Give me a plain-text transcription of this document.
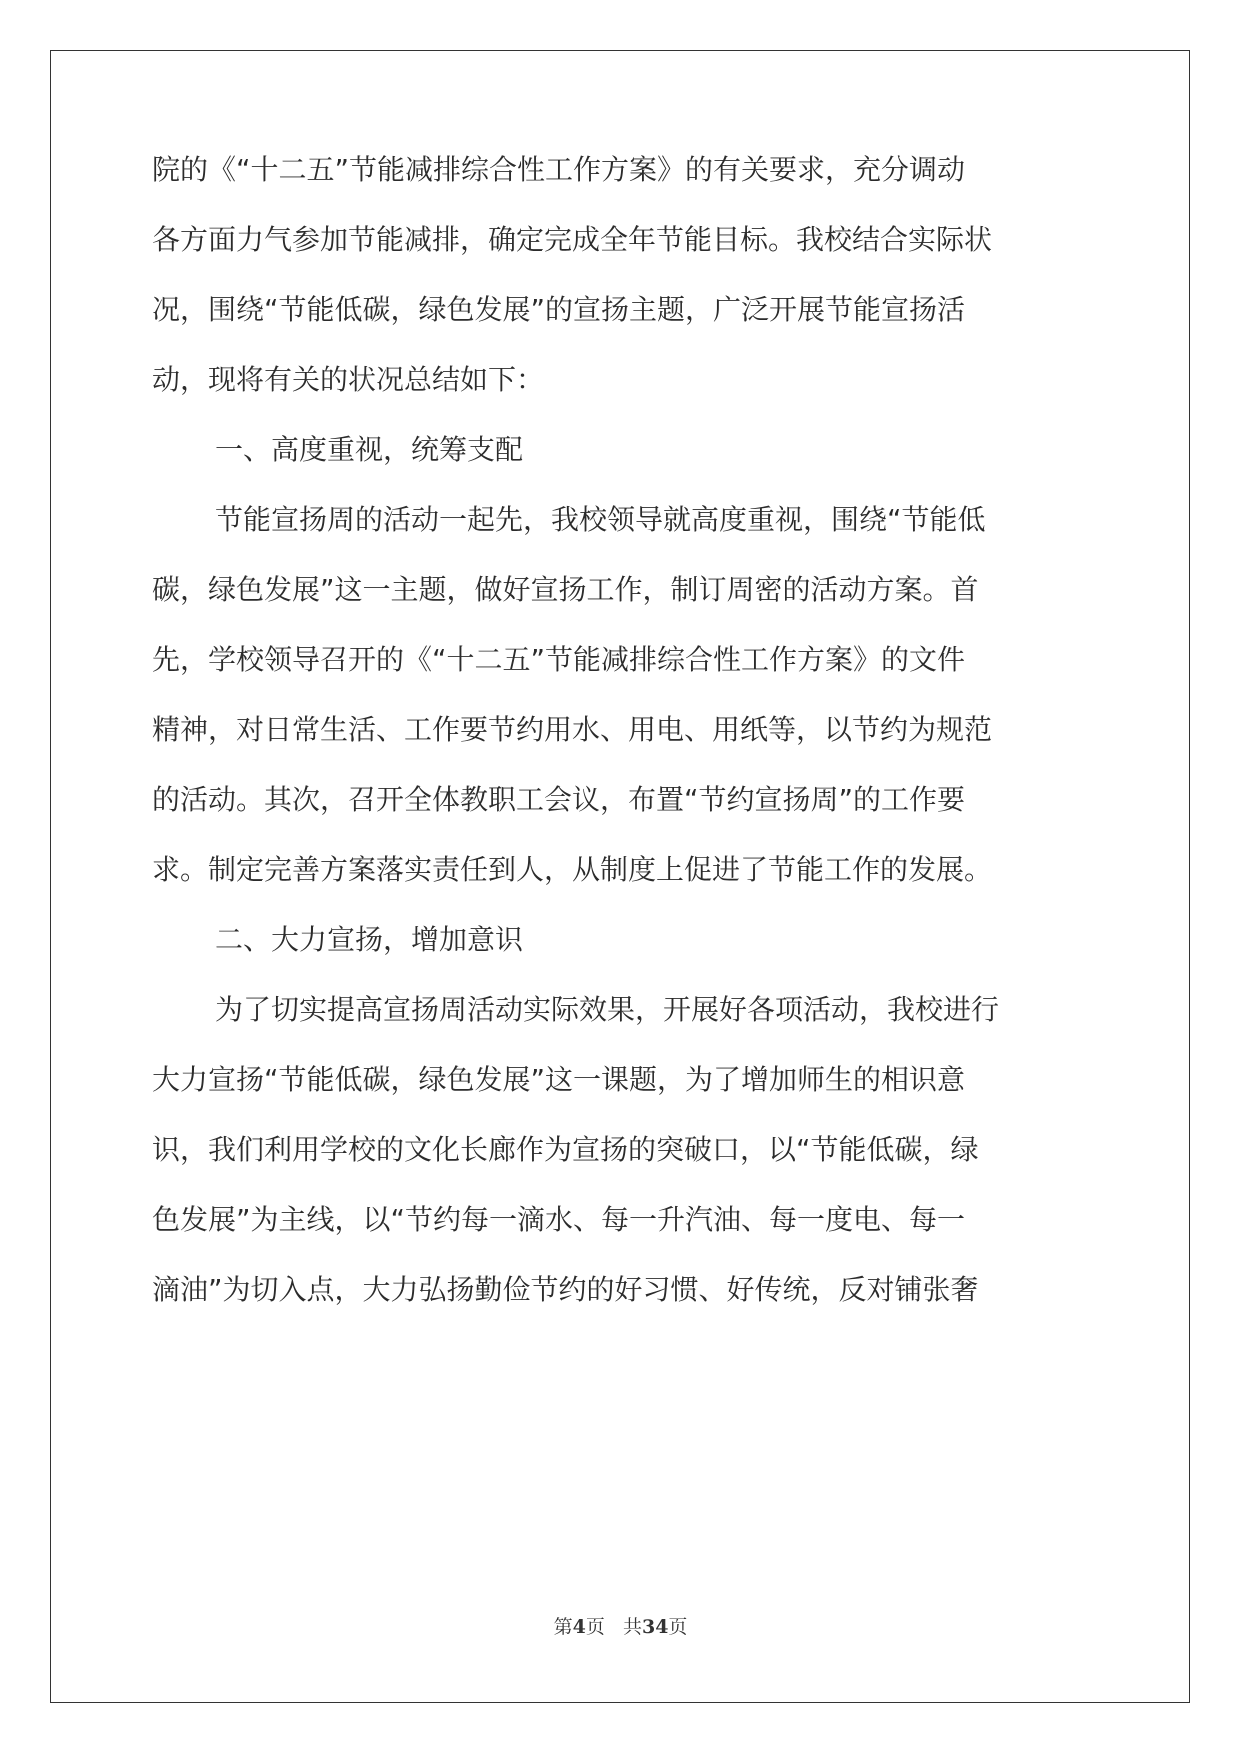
院的《“十二五”节能减排综合性工作方案》的有关要求，充分调动
各方面力气参加节能减排，确定完成全年节能目标。我校结合实际状
况，围绕“节能低碳，绿色发展”的宣扬主题，广泛开展节能宣扬活
动，现将有关的状况总结如下：
一、高度重视，统筹支配
节能宣扬周的活动一起先，我校领导就高度重视，围绕“节能低
碳，绿色发展”这一主题，做好宣扬工作，制订周密的活动方案。首
先，学校领导召开的《“十二五”节能减排综合性工作方案》的文件
精神，对日常生活、工作要节约用水、用电、用纸等，以节约为规范
的活动。其次，召开全体教职工会议，布置“节约宣扬周”的工作要
求。制定完善方案落实责任到人，从制度上促进了节能工作的发展。
二、大力宣扬，增加意识
为了切实提高宣扬周活动实际效果，开展好各项活动，我校进行
大力宣扬“节能低碳，绿色发展”这一课题，为了增加师生的相识意
识，我们利用学校的文化长廊作为宣扬的突破口，以“节能低碳，绿
色发展”为主线，以“节约每一滴水、每一升汽油、每一度电、每一
滴油”为切入点，大力弘扬勤俭节约的好习惯、好传统，反对铺张奢
第4页 共34页
